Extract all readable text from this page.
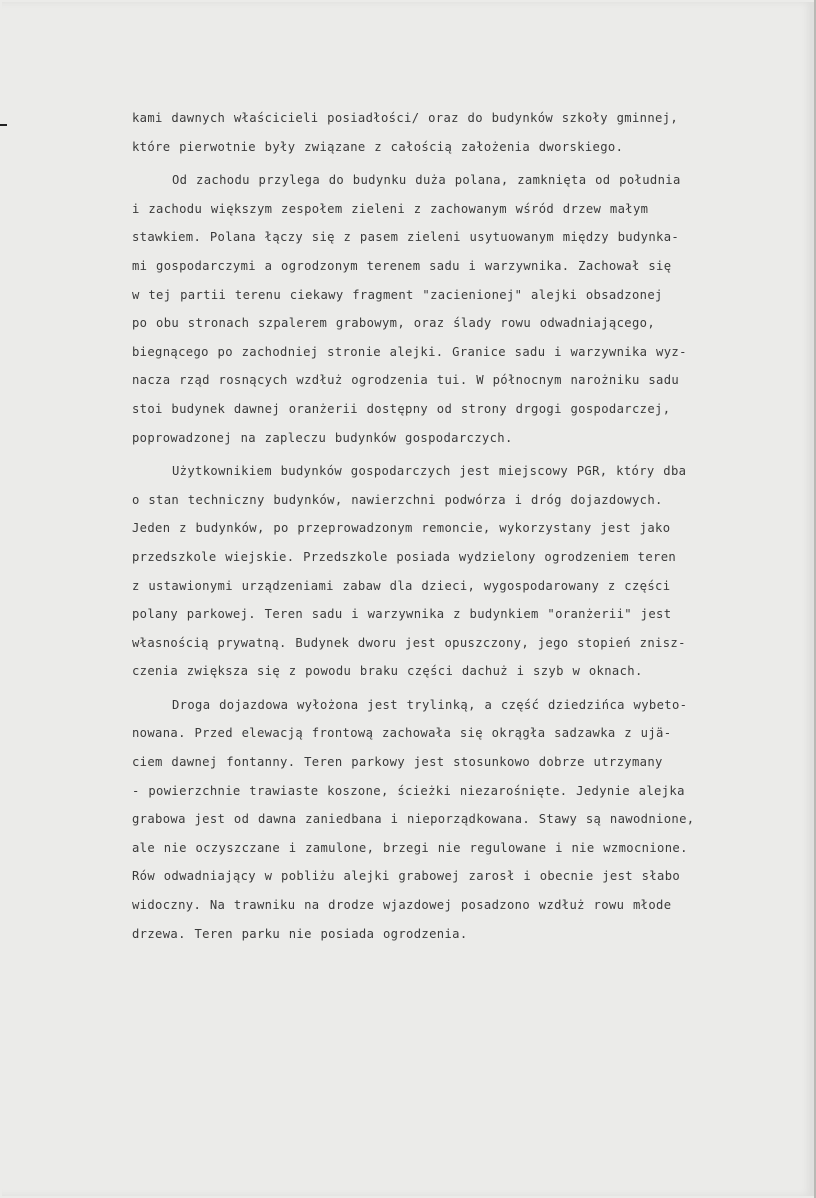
kami dawnych właścicieli posiadłości/ oraz do budynków szkoły gminnej,
które pierwotnie były związane z całością założenia dworskiego.

Od zachodu przylega do budynku duża polana, zamknięta od południa
i zachodu większym zespołem zieleni z zachowanym wśród drzew małym
stawkiem. Polana łączy się z pasem zieleni usytuowanym między budynka-
mi gospodarczymi a ogrodzonym terenem sadu i warzywnika. Zachował się
w tej partii terenu ciekawy fragment "zacienionej" alejki obsadzonej
po obu stronach szpalerem grabowym, oraz ślady rowu odwadniającego,
biegnącego po zachodniej stronie alejki. Granice sadu i warzywnika wyz-
nacza rząd rosnących wzdłuż ogrodzenia tui. W północnym narożniku sadu
stoi budynek dawnej oranżerii dostępny od strony drgogi gospodarczej,
poprowadzonej na zapleczu budynków gospodarczych.

Użytkownikiem budynków gospodarczych jest miejscowy PGR, który dba
o stan techniczny budynków, nawierzchni podwórza i dróg dojazdowych.
Jeden z budynków, po przeprowadzonym remoncie, wykorzystany jest jako
przedszkole wiejskie. Przedszkole posiada wydzielony ogrodzeniem teren
z ustawionymi urządzeniami zabaw dla dzieci, wygospodarowany z części
polany parkowej. Teren sadu i warzywnika z budynkiem "oranżerii" jest
własnością prywatną. Budynek dworu jest opuszczony, jego stopień znisz-
czenia zwiększa się z powodu braku części dachuż i szyb w oknach.

Droga dojazdowa wyłożona jest trylinką, a część dziedzińca wybeto-
nowana. Przed elewacją frontową zachowała się okrągła sadzawka z ujä-
ciem dawnej fontanny. Teren parkowy jest stosunkowo dobrze utrzymany
- powierzchnie trawiaste koszone, ścieżki niezarośnięte. Jedynie alejka
grabowa jest od dawna zaniedbana i nieporządkowana. Stawy są nawodnione,
ale nie oczyszczane i zamulone, brzegi nie regulowane i nie wzmocnione.
Rów odwadniający w pobliżu alejki grabowej zarosł i obecnie jest słabo
widoczny. Na trawniku na drodze wjazdowej posadzono wzdłuż rowu młode
drzewa. Teren parku nie posiada ogrodzenia.
